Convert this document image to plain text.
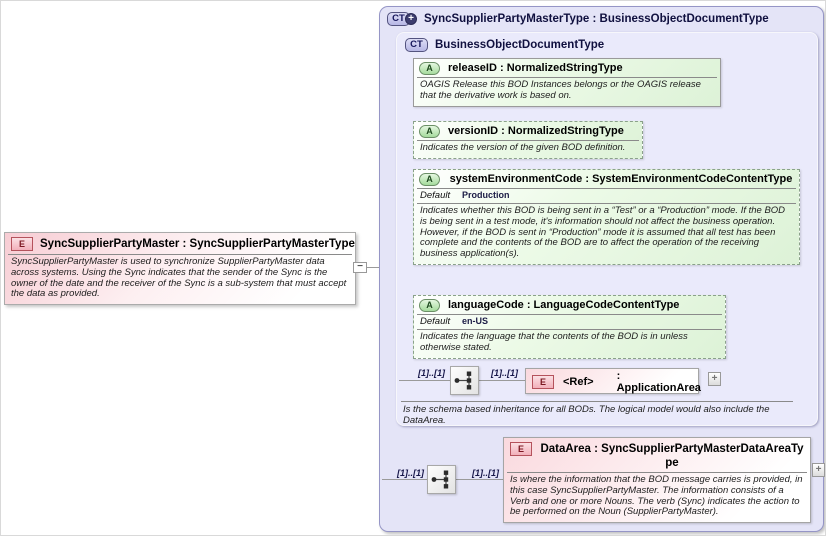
E	SyncSupplierPartyMaster : SyncSupplierPartyMasterType
SyncSupplierPartyMaster is used to synchronize SupplierPartyMaster data across systems. Using the Sync indicates that the sender of the Sync is the owner of the date and the receiver of the Sync is a sub-system that must accept the data as provided.
−
CT + SyncSupplierPartyMasterType : BusinessObjectDocumentType
CT	BusinessObjectDocumentType
A	releaseID : NormalizedStringType
OAGIS Release this BOD Instances belongs or the OAGIS release that the derivative work is based on.
A	versionID : NormalizedStringType
Indicates the version of the given BOD definition.
A	systemEnvironmentCode : SystemEnvironmentCodeContentType
Default	Production
Indicates whether this BOD is being sent in a “Test” or a “Production” mode. If the BOD is being sent in a test mode, it's information should not affect the business operation. However, if the BOD is sent in “Production” mode it is assumed that all test has been complete and the contents of the BOD are to affect the operation of the receiving business application(s).
A	languageCode : LanguageCodeContentType
Default	en-US
Indicates the language that the contents of the BOD is in unless otherwise stated.
[1]..[1]	[1]..[1]
E	<Ref> : ApplicationArea
+
Is the schema based inheritance for all BODs. The logical model would also include the DataArea.
[1]..[1]	[1]..[1]
E	DataArea : SyncSupplierPartyMasterDataAreaType
Is where the information that the BOD message carries is provided, in this case SyncSupplierPartyMaster. The information consists of a Verb and one or more Nouns. The verb (Sync) indicates the action to be performed on the Noun (SupplierPartyMaster).
+
